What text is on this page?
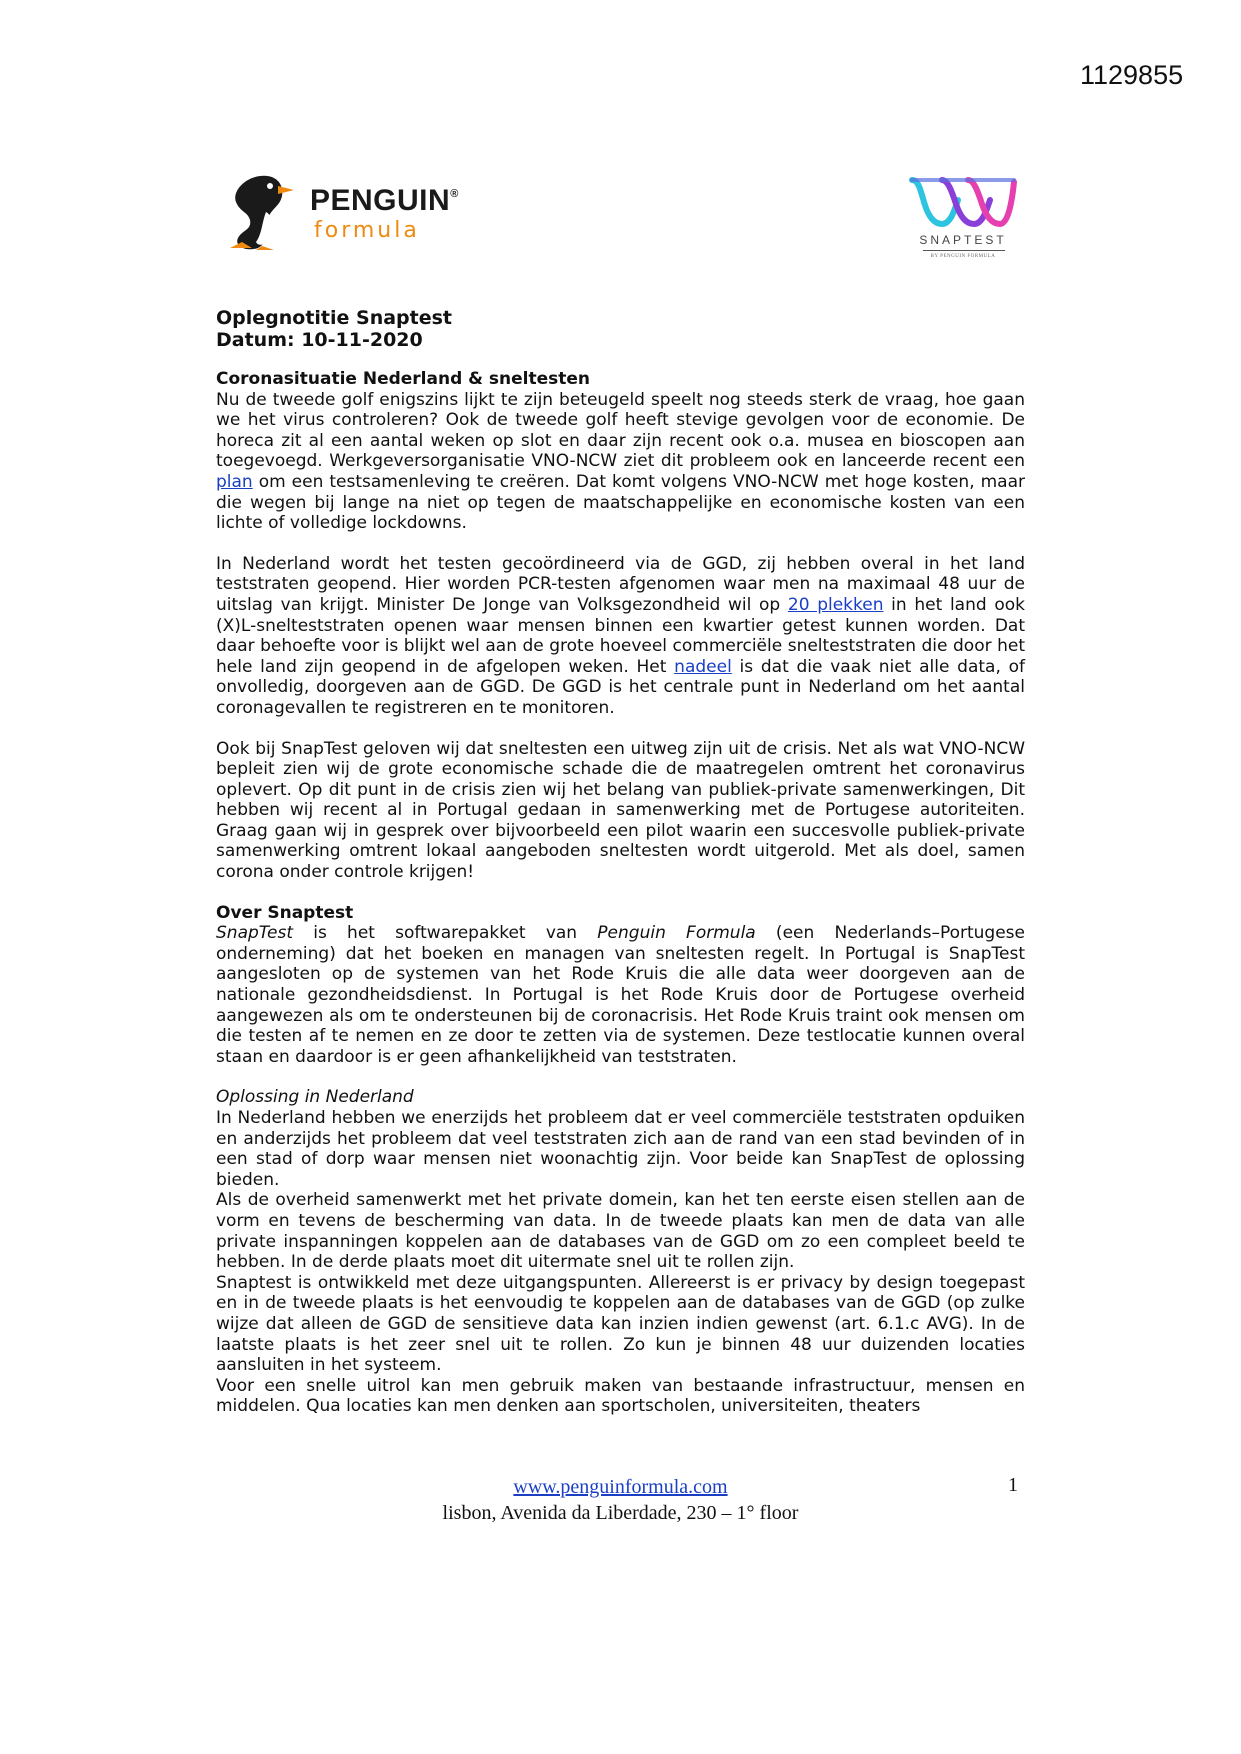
1129855
PENGUIN®
formula	SNAPTEST
BY PENGUIN FORMULA
Oplegnotitie Snaptest
Datum: 10-11-2020
Coronasituatie Nederland & sneltesten

Nu de tweede golf enigszins lijkt te zijn beteugeld speelt nog steeds sterk de vraag, hoe gaan we het virus controleren? Ook de tweede golf heeft stevige gevolgen voor de economie. De horeca zit al een aantal weken op slot en daar zijn recent ook o.a. musea en bioscopen aan toegevoegd. Werkgeversorganisatie VNO-NCW ziet dit probleem ook en lanceerde recent een plan om een testsamenleving te creëren. Dat komt volgens VNO-NCW met hoge kosten, maar die wegen bij lange na niet op tegen de maatschappelijke en economische kosten van een lichte of volledige lockdowns.

In Nederland wordt het testen gecoördineerd via de GGD, zij hebben overal in het land teststraten geopend. Hier worden PCR-testen afgenomen waar men na maximaal 48 uur de uitslag van krijgt. Minister De Jonge van Volksgezondheid wil op 20 plekken in het land ook (X)L-snelteststraten openen waar mensen binnen een kwartier getest kunnen worden. Dat daar behoefte voor is blijkt wel aan de grote hoeveel commerciële snelteststraten die door het hele land zijn geopend in de afgelopen weken. Het nadeel is dat die vaak niet alle data, of onvolledig, doorgeven aan de GGD. De GGD is het centrale punt in Nederland om het aantal coronagevallen te registreren en te monitoren.

Ook bij SnapTest geloven wij dat sneltesten een uitweg zijn uit de crisis. Net als wat VNO-NCW bepleit zien wij de grote economische schade die de maatregelen omtrent het coronavirus oplevert. Op dit punt in de crisis zien wij het belang van publiek-private samenwerkingen, Dit hebben wij recent al in Portugal gedaan in samenwerking met de Portugese autoriteiten. Graag gaan wij in gesprek over bijvoorbeeld een pilot waarin een succesvolle publiek-private samenwerking omtrent lokaal aangeboden sneltesten wordt uitgerold. Met als doel, samen corona onder controle krijgen!

Over Snaptest

SnapTest is het softwarepakket van Penguin Formula (een Nederlands–Portugese onderneming) dat het boeken en managen van sneltesten regelt. In Portugal is SnapTest aangesloten op de systemen van het Rode Kruis die alle data weer doorgeven aan de nationale gezondheidsdienst. In Portugal is het Rode Kruis door de Portugese overheid aangewezen als om te ondersteunen bij de coronacrisis. Het Rode Kruis traint ook mensen om die testen af te nemen en ze door te zetten via de systemen. Deze testlocatie kunnen overal staan en daardoor is er geen afhankelijkheid van teststraten.

Oplossing in Nederland

In Nederland hebben we enerzijds het probleem dat er veel commerciële teststraten opduiken en anderzijds het probleem dat veel teststraten zich aan de rand van een stad bevinden of in een stad of dorp waar mensen niet woonachtig zijn. Voor beide kan SnapTest de oplossing bieden.

Als de overheid samenwerkt met het private domein, kan het ten eerste eisen stellen aan de vorm en tevens de bescherming van data. In de tweede plaats kan men de data van alle private inspanningen koppelen aan de databases van de GGD om zo een compleet beeld te hebben. In de derde plaats moet dit uitermate snel uit te rollen zijn.

Snaptest is ontwikkeld met deze uitgangspunten. Allereerst is er privacy by design toegepast en in de tweede plaats is het eenvoudig te koppelen aan de databases van de GGD (op zulke wijze dat alleen de GGD de sensitieve data kan inzien indien gewenst (art. 6.1.c AVG). In de laatste plaats is het zeer snel uit te rollen. Zo kun je binnen 48 uur duizenden locaties aansluiten in het systeem.

Voor een snelle uitrol kan men gebruik maken van bestaande infrastructuur, mensen en middelen. Qua locaties kan men denken aan sportscholen, universiteiten, theaters

www.penguinformula.com
lisbon, Avenida da Liberdade, 230 – 1° floor
1
